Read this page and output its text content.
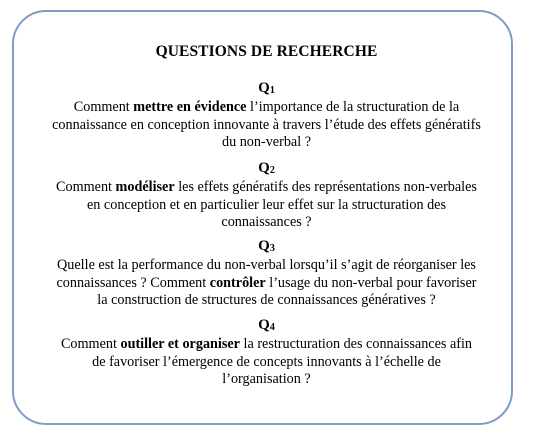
QUESTIONS DE RECHERCHE
$Q_1$
Comment mettre en évidence l’importance de la structuration de la
connaissance en conception innovante à travers l’étude des effets génératifs
du non-verbal ?
$Q_2$
Comment modéliser les effets génératifs des représentations non-verbales
en conception et en particulier leur effet sur la structuration des
connaissances ?
$Q_3$
Quelle est la performance du non-verbal lorsqu’il s’agit de réorganiser les
connaissances ? Comment contrôler l’usage du non-verbal pour favoriser
la construction de structures de connaissances génératives ?
$Q_4$
Comment outiller et organiser la restructuration des connaissances afin
de favoriser l’émergence de concepts innovants à l’échelle de
l’organisation ?
